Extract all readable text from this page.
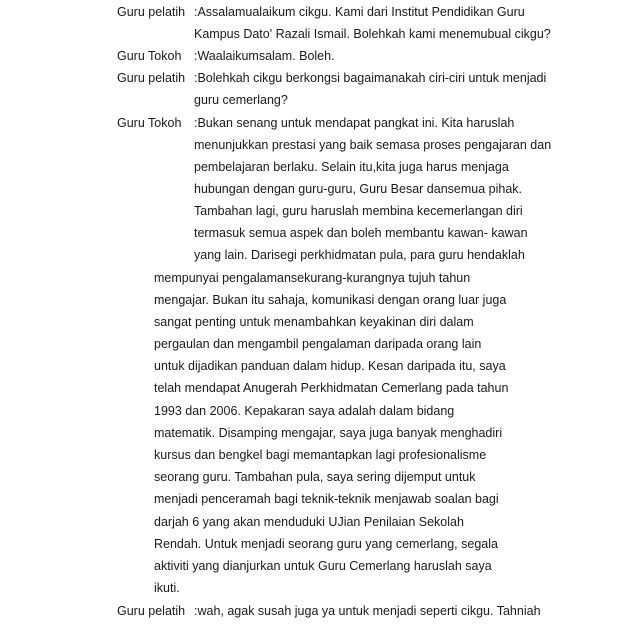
Guru pelatih
Guru Tokoh
Guru pelatih
Guru Tokoh
Guru pelatih
:Assalamualaikum cikgu. Kami dari Institut Pendidikan Guru
Kampus Dato' Razali Ismail. Bolehkah kami menemubual cikgu?
:Waalaikumsalam. Boleh.
:Bolehkah cikgu berkongsi bagaimanakah ciri-ciri untuk menjadi
guru cemerlang?
:Bukan senang untuk mendapat pangkat ini. Kita haruslah
menunjukkan prestasi yang baik semasa proses pengajaran dan
pembelajaran berlaku. Selain itu,kita juga harus menjaga
hubungan dengan guru-guru, Guru Besar dansemua pihak.
Tambahan lagi, guru haruslah membina kecemerlangan diri
termasuk semua aspek dan boleh membantu kawan- kawan
yang lain. Darisegi perkhidmatan pula, para guru hendaklah
mempunyai pengalamansekurang-kurangnya tujuh tahun
mengajar. Bukan itu sahaja, komunikasi dengan orang luar juga
sangat penting untuk menambahkan keyakinan diri dalam
pergaulan dan mengambil pengalaman daripada orang lain
untuk dijadikan panduan dalam hidup. Kesan daripada itu, saya
telah mendapat Anugerah Perkhidmatan Cemerlang pada tahun
1993 dan 2006. Kepakaran saya adalah dalam bidang
matematik. Disamping mengajar, saya juga banyak menghadiri
kursus dan bengkel bagi memantapkan lagi profesionalisme
seorang guru. Tambahan pula, saya sering dijemput untuk
menjadi penceramah bagi teknik-teknik menjawab soalan bagi
darjah 6 yang akan menduduki UJian Penilaian Sekolah
Rendah. Untuk menjadi seorang guru yang cemerlang, segala
aktiviti yang dianjurkan untuk Guru Cemerlang haruslah saya
ikuti.
:wah, agak susah juga ya untuk menjadi seperti cikgu. Tahniah
